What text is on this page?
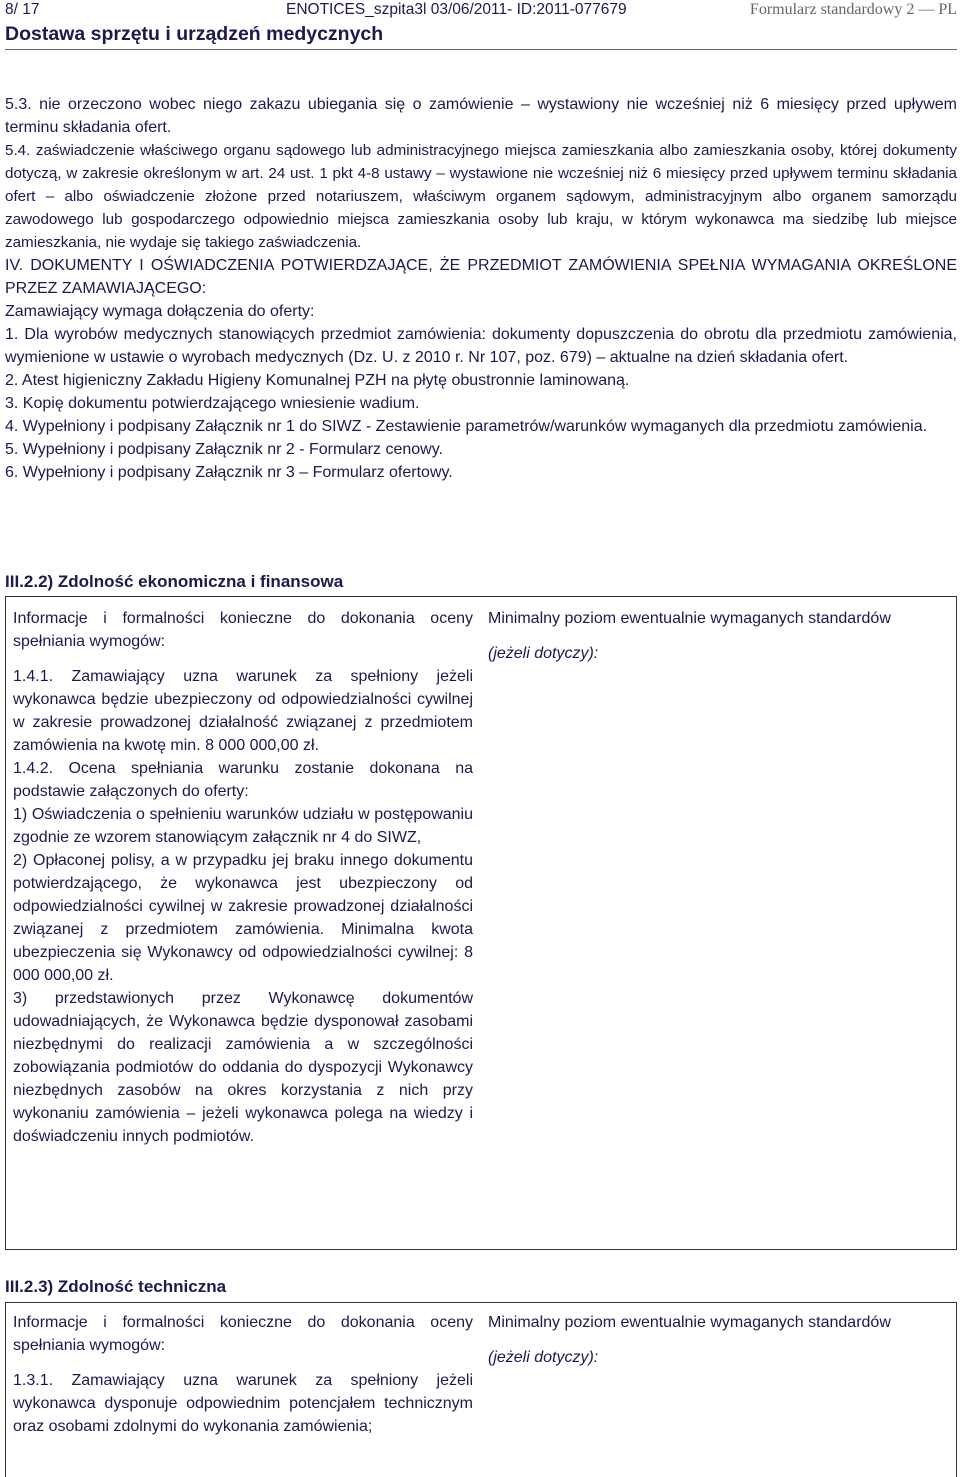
8/ 17	ENOTICES_szpita3l 03/06/2011- ID:2011-077679	Formularz standardowy 2 — PL
Dostawa sprzętu i urządzeń medycznych

5.3. nie orzeczono wobec niego zakazu ubiegania się o zamówienie – wystawiony nie wcześniej niż 6 miesięcy przed upływem terminu składania ofert.

5.4. zaświadczenie właściwego organu sądowego lub administracyjnego miejsca zamieszkania albo zamieszkania osoby, której dokumenty dotyczą, w zakresie określonym w art. 24 ust. 1 pkt 4-8 ustawy – wystawione nie wcześniej niż 6 miesięcy przed upływem terminu składania ofert – albo oświadczenie złożone przed notariuszem, właściwym organem sądowym, administracyjnym albo organem samorządu zawodowego lub gospodarczego odpowiednio miejsca zamieszkania osoby lub kraju, w którym wykonawca ma siedzibę lub miejsce zamieszkania, nie wydaje się takiego zaświadczenia.

IV. DOKUMENTY I OŚWIADCZENIA POTWIERDZAJĄCE, ŻE PRZEDMIOT ZAMÓWIENIA SPEŁNIA WYMAGANIA OKREŚLONE PRZEZ ZAMAWIAJĄCEGO:

Zamawiający wymaga dołączenia do oferty:

1. Dla wyrobów medycznych stanowiących przedmiot zamówienia: dokumenty dopuszczenia do obrotu dla przedmiotu zamówienia, wymienione w ustawie o wyrobach medycznych (Dz. U. z 2010 r. Nr 107, poz. 679) – aktualne na dzień składania ofert.

2. Atest higieniczny Zakładu Higieny Komunalnej PZH na płytę obustronnie laminowaną.

3. Kopię dokumentu potwierdzającego wniesienie wadium.

4. Wypełniony i podpisany Załącznik nr 1 do SIWZ - Zestawienie parametrów/warunków wymaganych dla przedmiotu zamówienia.

5. Wypełniony i podpisany Załącznik nr 2 - Formularz cenowy.

6. Wypełniony i podpisany Załącznik nr 3 – Formularz ofertowy.

III.2.2) Zdolność ekonomiczna i finansowa

Informacje i formalności konieczne do dokonania oceny spełniania wymogów:

1.4.1. Zamawiający uzna warunek za spełniony jeżeli wykonawca będzie ubezpieczony od odpowiedzialności cywilnej w zakresie prowadzonej działalność związanej z przedmiotem zamówienia na kwotę min. 8 000 000,00 zł.

1.4.2. Ocena spełniania warunku zostanie dokonana na podstawie załączonych do oferty:

1) Oświadczenia o spełnieniu warunków udziału w postępowaniu zgodnie ze wzorem stanowiącym załącznik nr 4 do SIWZ,

2) Opłaconej polisy, a w przypadku jej braku innego dokumentu potwierdzającego, że wykonawca jest ubezpieczony od odpowiedzialności cywilnej w zakresie prowadzonej działalności związanej z przedmiotem zamówienia. Minimalna kwota ubezpieczenia się Wykonawcy od odpowiedzialności cywilnej: 8 000 000,00 zł.

3) przedstawionych przez Wykonawcę dokumentów udowadniających, że Wykonawca będzie dysponował zasobami niezbędnymi do realizacji zamówienia a w szczególności zobowiązania podmiotów do oddania do dyspozycji Wykonawcy niezbędnych zasobów na okres korzystania z nich przy wykonaniu zamówienia – jeżeli wykonawca polega na wiedzy i doświadczeniu innych podmiotów.

Minimalny poziom ewentualnie wymaganych standardów

(jeżeli dotyczy):

III.2.3) Zdolność techniczna

Informacje i formalności konieczne do dokonania oceny spełniania wymogów:

1.3.1. Zamawiający uzna warunek za spełniony jeżeli wykonawca dysponuje odpowiednim potencjałem technicznym oraz osobami zdolnymi do wykonania zamówienia;

Minimalny poziom ewentualnie wymaganych standardów

(jeżeli dotyczy):
